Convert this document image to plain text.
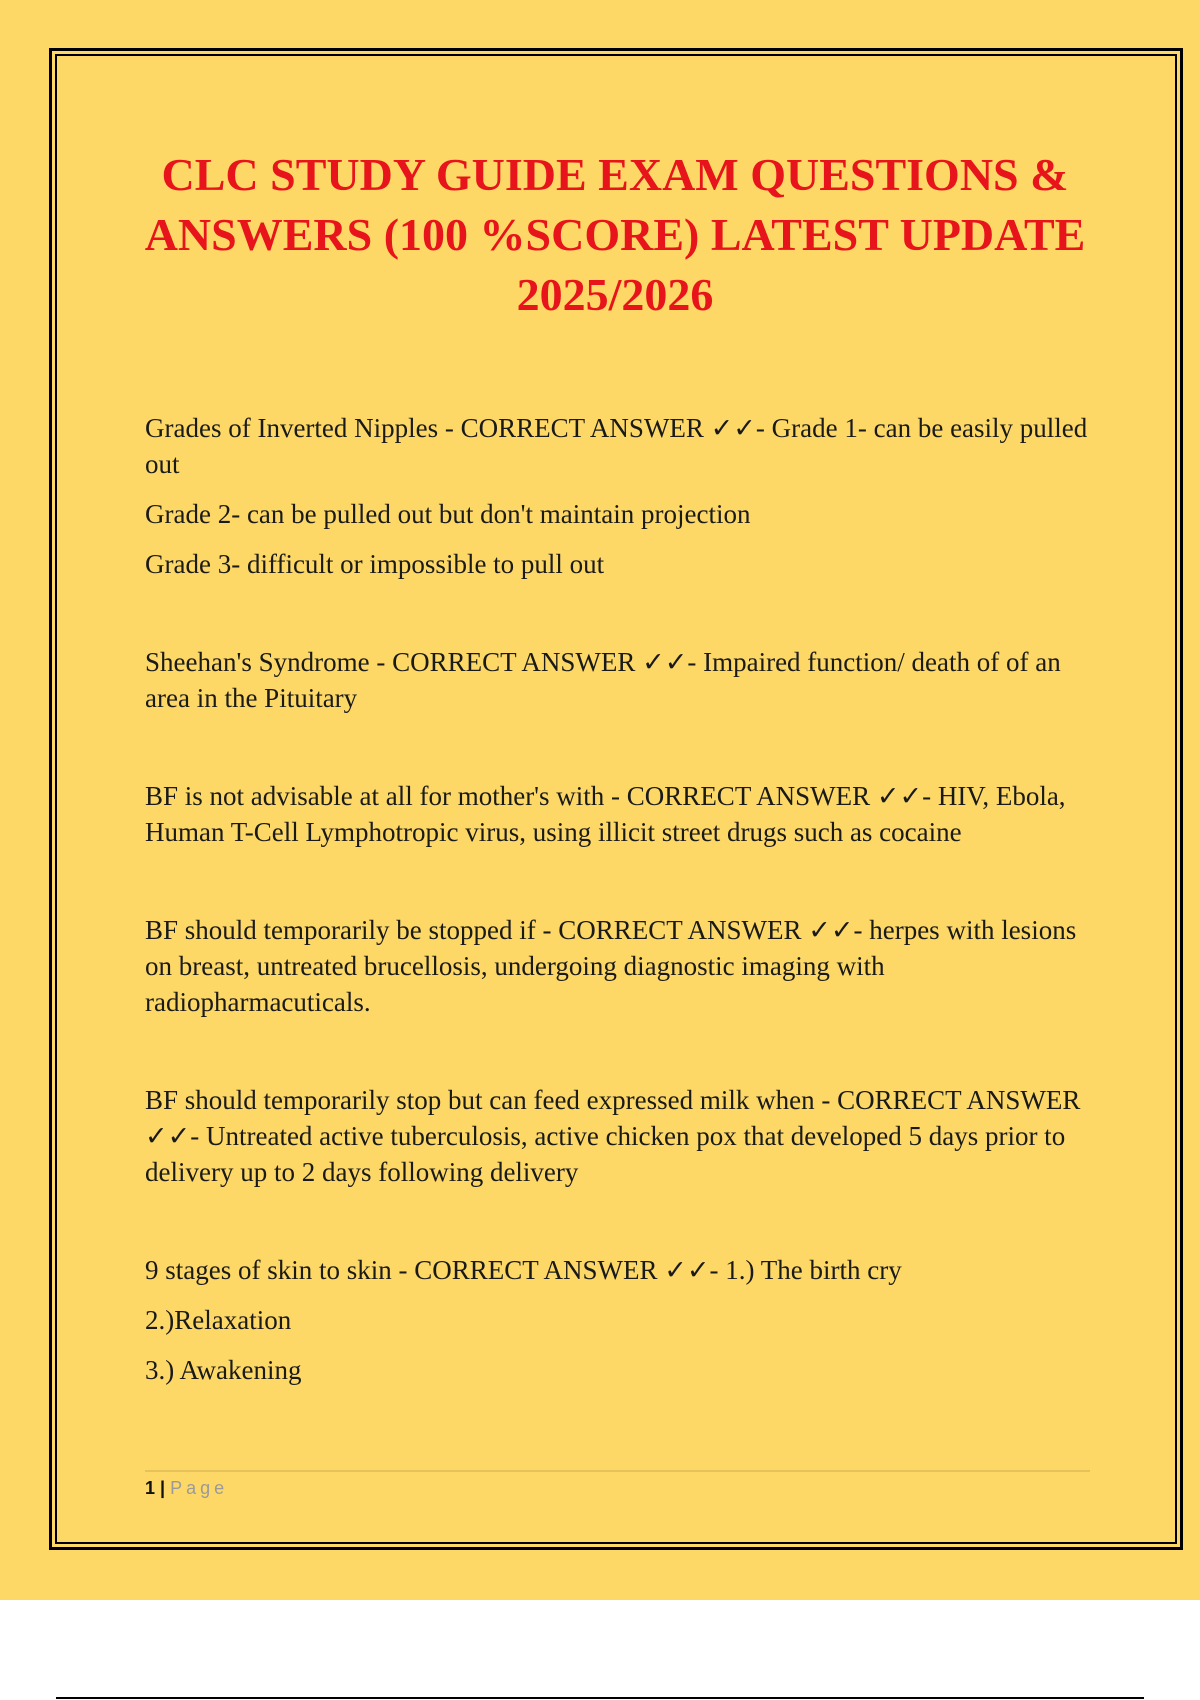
CLC STUDY GUIDE EXAM QUESTIONS & ANSWERS (100 %SCORE) LATEST UPDATE 2025/2026

Grades of Inverted Nipples - CORRECT ANSWER ✓✓- Grade 1- can be easily pulled out

Grade 2- can be pulled out but don't maintain projection

Grade 3- difficult or impossible to pull out

Sheehan's Syndrome - CORRECT ANSWER ✓✓- Impaired function/ death of of an area in the Pituitary

BF is not advisable at all for mother's with - CORRECT ANSWER ✓✓- HIV, Ebola, Human T-Cell Lymphotropic virus, using illicit street drugs such as cocaine

BF should temporarily be stopped if - CORRECT ANSWER ✓✓- herpes with lesions on breast, untreated brucellosis, undergoing diagnostic imaging with radiopharmacuticals.

BF should temporarily stop but can feed expressed milk when - CORRECT ANSWER ✓✓- Untreated active tuberculosis, active chicken pox that developed 5 days prior to delivery up to 2 days following delivery

9 stages of skin to skin - CORRECT ANSWER ✓✓- 1.) The birth cry

2.)Relaxation

3.) Awakening

1 | Page
